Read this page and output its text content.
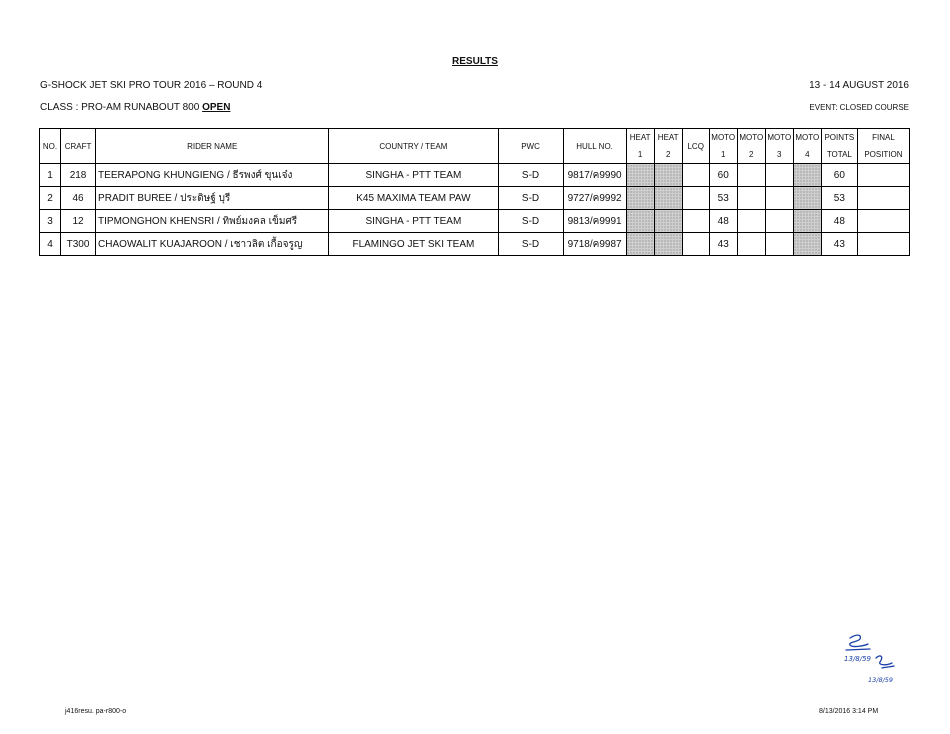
RESULTS
G-SHOCK JET SKI PRO TOUR 2016 – ROUND 4	13 - 14 AUGUST 2016
CLASS : PRO-AM RUNABOUT 800 OPEN	EVENT: CLOSED COURSE
NO.	CRAFT	RIDER NAME	COUNTRY / TEAM	PWC	HULL NO.	HEAT	HEAT	LCQ	MOTO	MOTO	MOTO	MOTO	POINTS	FINAL
						1	2		1	2	3	4	TOTAL	POSITION
1	218	TEERAPONG KHUNGIENG / ธีรพงศ์ ขุนเจ๋ง	SINGHA - PTT TEAM	S-D	9817/ค9990				60				60	
2	46	PRADIT BUREE / ประดิษฐ์ บุรี	K45 MAXIMA TEAM PAW	S-D	9727/ค9992				53				53	
3	12	TIPMONGHON KHENSRI / ทิพย์มงคล เข็มศรี	SINGHA - PTT TEAM	S-D	9813/ค9991				48				48	
4	T300	CHAOWALIT KUAJAROON / เชาวลิต เกื้อจรูญ	FLAMINGO JET SKI TEAM	S-D	9718/ค9987				43				43	
13/8/59
13/8/59
j416resu. pa-r800-o	8/13/2016 3:14 PM
